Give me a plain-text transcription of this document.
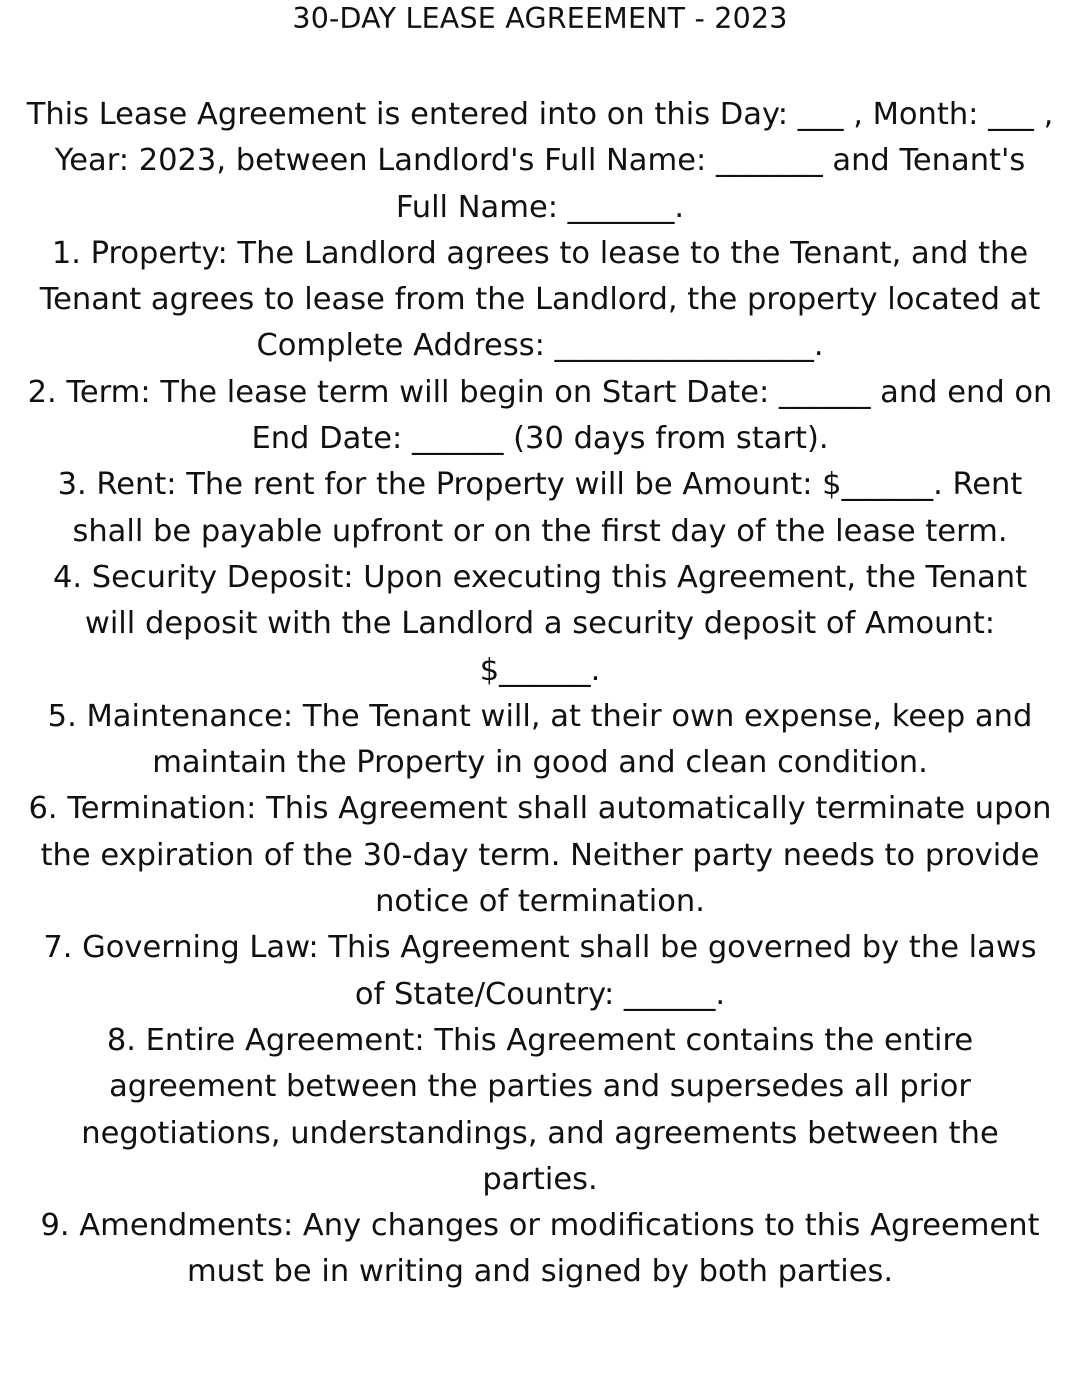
30-DAY LEASE AGREEMENT - 2023

This Lease Agreement is entered into on this Day: ___ , Month: ___ , Year: 2023, between Landlord's Full Name: _______ and Tenant's Full Name: _______.

1. Property: The Landlord agrees to lease to the Tenant, and the Tenant agrees to lease from the Landlord, the property located at Complete Address: _________________.

2. Term: The lease term will begin on Start Date: ______ and end on End Date: ______ (30 days from start).

3. Rent: The rent for the Property will be Amount: $______. Rent shall be payable upfront or on the first day of the lease term.

4. Security Deposit: Upon executing this Agreement, the Tenant will deposit with the Landlord a security deposit of Amount: $______.

5. Maintenance: The Tenant will, at their own expense, keep and maintain the Property in good and clean condition.

6. Termination: This Agreement shall automatically terminate upon the expiration of the 30-day term. Neither party needs to provide notice of termination.

7. Governing Law: This Agreement shall be governed by the laws of State/Country: ______.

8. Entire Agreement: This Agreement contains the entire agreement between the parties and supersedes all prior negotiations, understandings, and agreements between the parties.

9. Amendments: Any changes or modifications to this Agreement must be in writing and signed by both parties.
